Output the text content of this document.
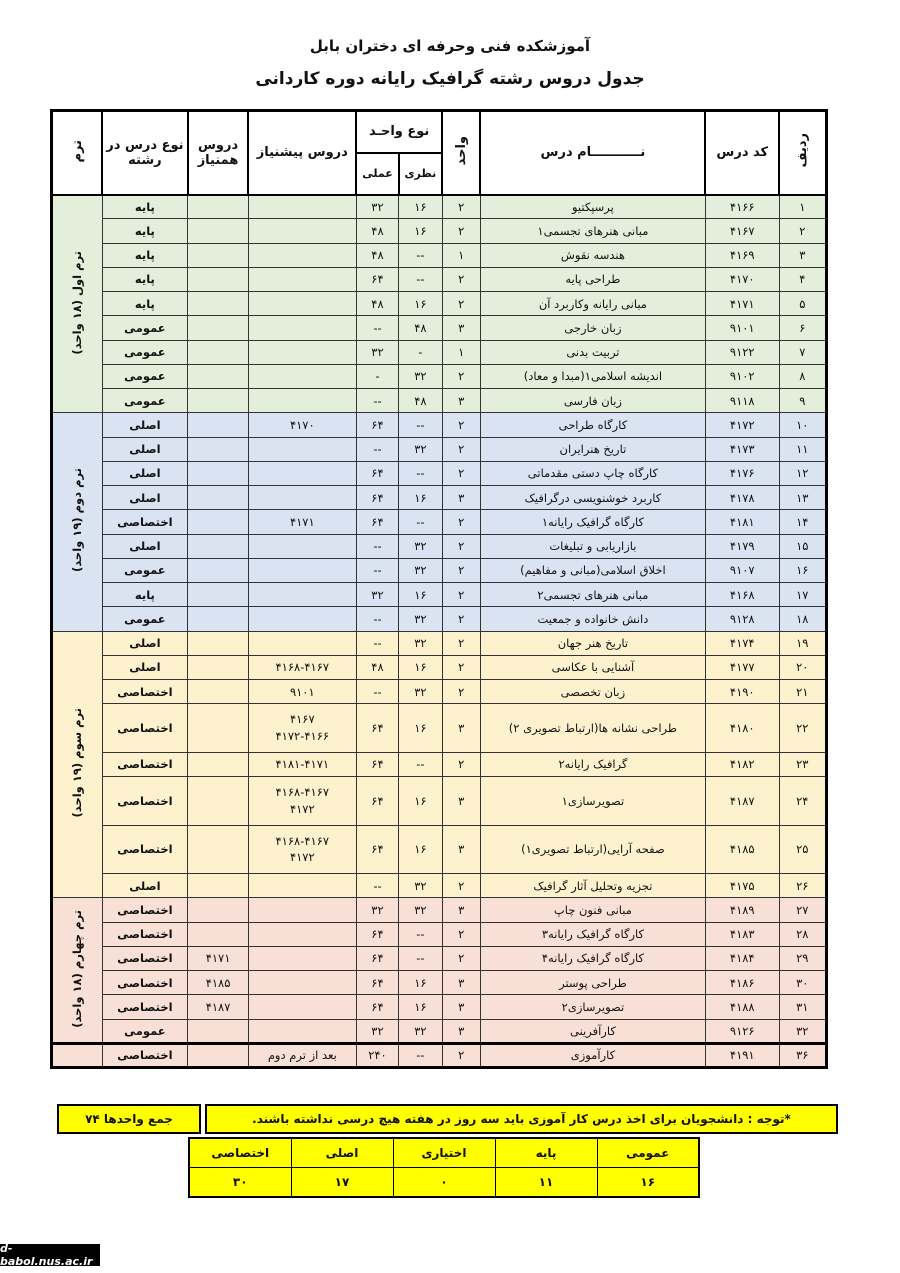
آموزشکده فنی وحرفه ای دختران بابل
جدول دروس رشته گرافیک رایانه دوره کاردانی
ردیف	کد درس	نـــــــــــام درس	واحد	نوع واحـد		دروس پیشنیاز	دروس همنیاز	نوع درس در رشته	ترم
				نظری	عملی				
۱	۴۱۶۶	پرسپکتیو	۲	۱۶	۳۲			پایه	ترم اول (۱۸ واحد)
۲	۴۱۶۷	مبانی هنرهای تجسمی۱	۲	۱۶	۴۸			پایه	
۳	۴۱۶۹	هندسه نقوش	۱	--	۴۸			پایه	
۴	۴۱۷۰	طراحی پایه	۲	--	۶۴			پایه	
۵	۴۱۷۱	مبانی رایانه وکاربرد آن	۲	۱۶	۴۸			پایه	
۶	۹۱۰۱	زبان خارجی	۳	۴۸	--			عمومی	
۷	۹۱۲۲	تربیت بدنی	۱	-	۳۲			عمومی	
۸	۹۱۰۲	اندیشه اسلامی۱(مبدا و معاد)	۲	۳۲	-			عمومی	
۹	۹۱۱۸	زبان فارسی	۳	۴۸	--			عمومی	
۱۰	۴۱۷۲	کارگاه طراحی	۲	--	۶۴	۴۱۷۰		اصلی	ترم دوم (۱۹ واحد)
۱۱	۴۱۷۳	تاریخ هنرایران	۲	۳۲	--			اصلی	
۱۲	۴۱۷۶	کارگاه چاپ دستی مقدماتی	۲	--	۶۴			اصلی	
۱۳	۴۱۷۸	کاربرد خوشنویسی درگرافیک	۳	۱۶	۶۴			اصلی	
۱۴	۴۱۸۱	کارگاه گرافیک رایانه۱	۲	--	۶۴	۴۱۷۱		اختصاصی	
۱۵	۴۱۷۹	بازاریابی و تبلیغات	۲	۳۲	--			اصلی	
۱۶	۹۱۰۷	اخلاق اسلامی(مبانی و مفاهیم)	۲	۳۲	--			عمومی	
۱۷	۴۱۶۸	مبانی هنرهای تجسمی۲	۲	۱۶	۳۲			پایه	
۱۸	۹۱۲۸	دانش خانواده و جمعیت	۲	۳۲	--			عمومی	
۱۹	۴۱۷۴	تاریخ هنر جهان	۲	۳۲	--			اصلی	ترم سوم (۱۹ واحد)
۲۰	۴۱۷۷	آشنایی با عکاسی	۲	۱۶	۴۸	۴۱۶۸-۴۱۶۷		اصلی	
۲۱	۴۱۹۰	زبان تخصصی	۲	۳۲	--	۹۱۰۱		اختصاصی	
۲۲	۴۱۸۰	طراحی نشانه ها(ارتباط تصویری ۲)	۳	۱۶	۶۴	۴۱۶۷
۴۱۷۲-۴۱۶۶		اختصاصی	
۲۳	۴۱۸۲	گرافیک رایانه۲	۲	--	۶۴	۴۱۸۱-۴۱۷۱		اختصاصی	
۲۴	۴۱۸۷	تصویرسازی۱	۳	۱۶	۶۴	۴۱۶۸-۴۱۶۷
۴۱۷۲		اختصاصی	
۲۵	۴۱۸۵	صفحه آرایی(ارتباط تصویری۱)	۳	۱۶	۶۴	۴۱۶۸-۴۱۶۷
۴۱۷۲		اختصاصی	
۲۶	۴۱۷۵	تجزیه وتحلیل آثار گرافیک	۲	۳۲	--			اصلی	
۲۷	۴۱۸۹	مبانی فنون چاپ	۳	۳۲	۳۲			اختصاصی	ترم چهارم (۱۸ واحد)
۲۸	۴۱۸۳	کارگاه گرافیک رایانه۳	۲	--	۶۴			اختصاصی	
۲۹	۴۱۸۴	کارگاه گرافیک رایانه۴	۲	--	۶۴		۴۱۷۱	اختصاصی	
۳۰	۴۱۸۶	طراحی پوستر	۳	۱۶	۶۴		۴۱۸۵	اختصاصی	
۳۱	۴۱۸۸	تصویرسازی۲	۳	۱۶	۶۴		۴۱۸۷	اختصاصی	
۳۲	۹۱۲۶	کارآفرینی	۳	۳۲	۳۲			عمومی	
۳۶	۴۱۹۱	کارآموزی	۲	--	۲۴۰	بعد از ترم دوم		اختصاصی	
جمع واحدها ۷۴	*توجه : دانشجویان برای اخذ درس کار آموزی باید سه روز در هفته هیچ درسی نداشته باشند.
عمومی	پایه	اختیاری	اصلی	اختصاصی
۱۶	۱۱	۰	۱۷	۳۰
d-babol.nus.ac.ir
